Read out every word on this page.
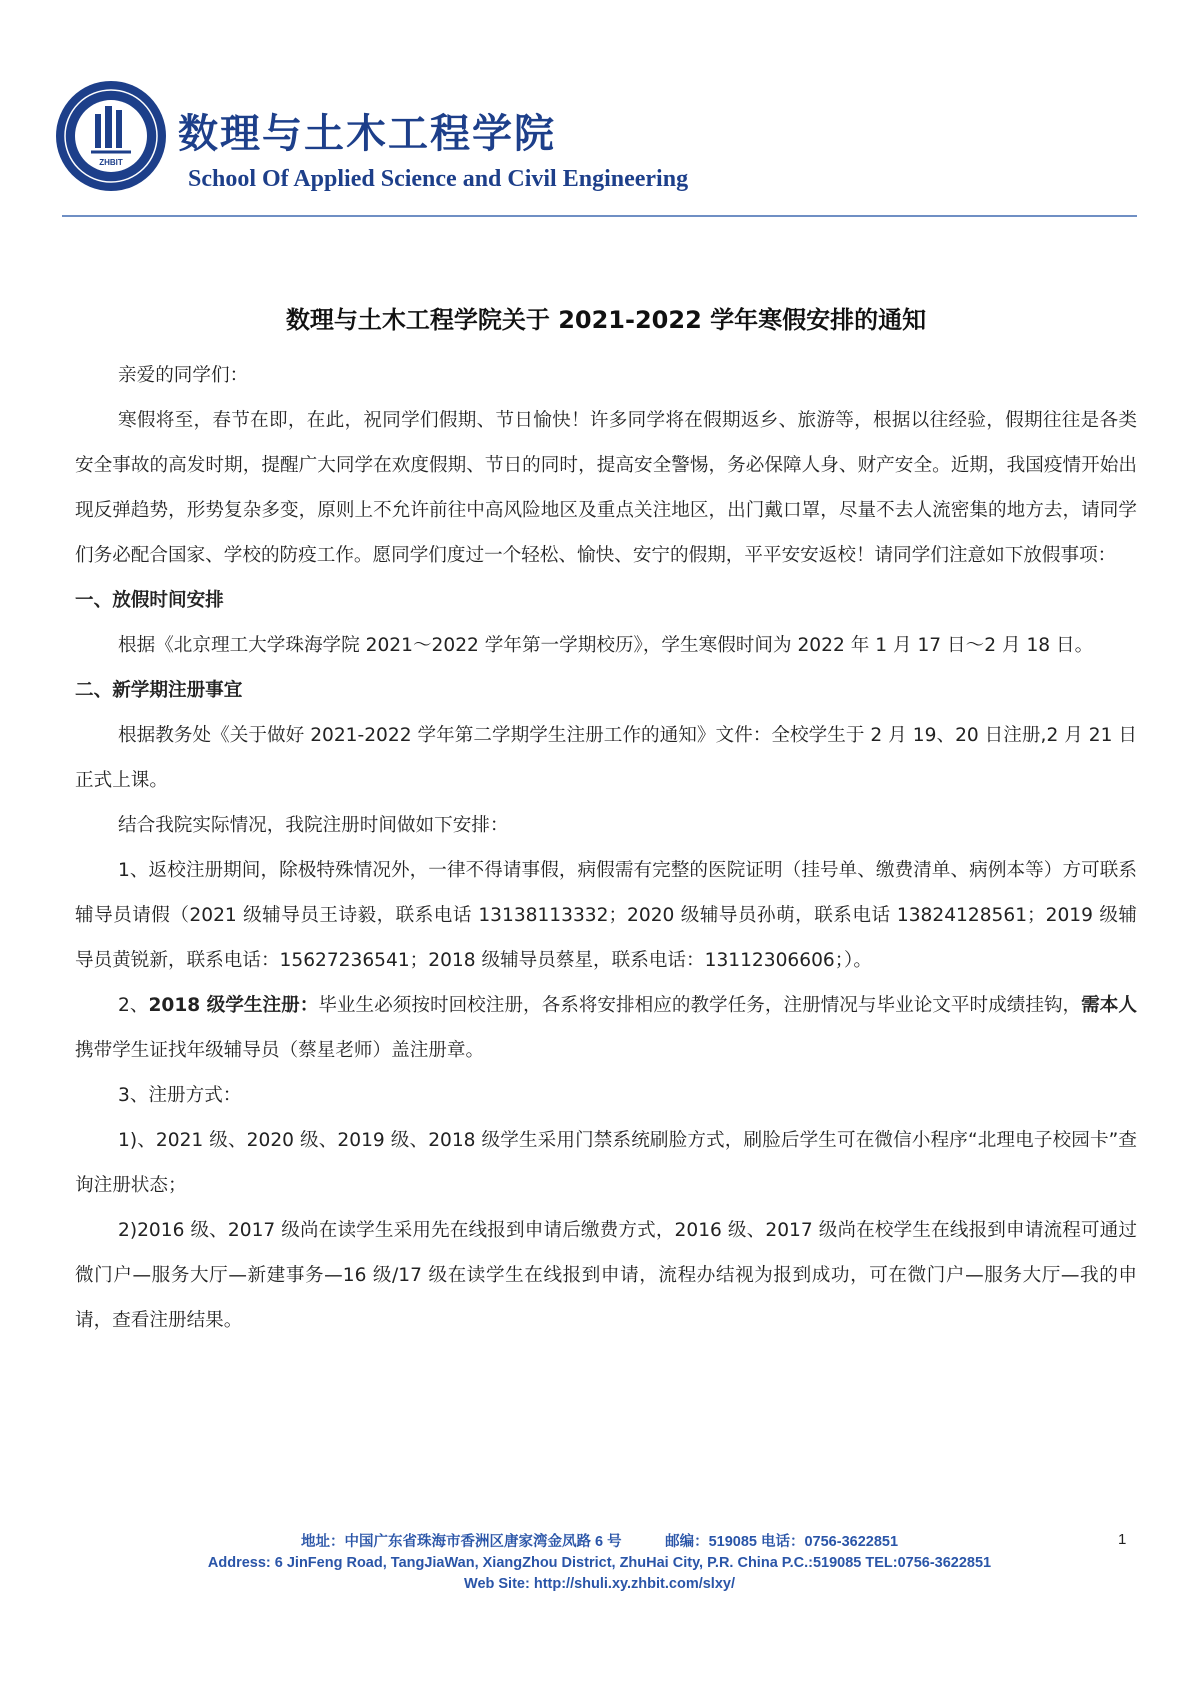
ZHBIT
数理与土木工程学院
School Of Applied Science and Civil Engineering
数理与土木工程学院关于 2021-2022 学年寒假安排的通知

亲爱的同学们：

寒假将至，春节在即，在此，祝同学们假期、节日愉快！许多同学将在假期返乡、旅游等，根据以往经验，假期往往是各类安全事故的高发时期，提醒广大同学在欢度假期、节日的同时，提高安全警惕，务必保障人身、财产安全。近期，我国疫情开始出现反弹趋势，形势复杂多变，原则上不允许前往中高风险地区及重点关注地区，出门戴口罩，尽量不去人流密集的地方去，请同学们务必配合国家、学校的防疫工作。愿同学们度过一个轻松、愉快、安宁的假期，平平安安返校！请同学们注意如下放假事项：

一、放假时间安排

根据《北京理工大学珠海学院 2021～2022 学年第一学期校历》，学生寒假时间为 2022 年 1 月 17 日～2 月 18 日。

二、新学期注册事宜

根据教务处《关于做好 2021-2022 学年第二学期学生注册工作的通知》文件：全校学生于 2 月 19、20 日注册,2 月 21 日正式上课。

结合我院实际情况，我院注册时间做如下安排：

1、返校注册期间，除极特殊情况外，一律不得请事假，病假需有完整的医院证明（挂号单、缴费清单、病例本等）方可联系辅导员请假（2021 级辅导员王诗毅，联系电话 13138113332；2020 级辅导员孙萌，联系电话 13824128561；2019 级辅导员黄锐新，联系电话：15627236541；2018 级辅导员蔡星，联系电话：13112306606；）。

2、2018 级学生注册：毕业生必须按时回校注册，各系将安排相应的教学任务，注册情况与毕业论文平时成绩挂钩，需本人携带学生证找年级辅导员（蔡星老师）盖注册章。

3、注册方式：

1)、2021 级、2020 级、2019 级、2018 级学生采用门禁系统刷脸方式，刷脸后学生可在微信小程序“北理电子校园卡”查询注册状态；

2)2016 级、2017 级尚在读学生采用先在线报到申请后缴费方式，2016 级、2017 级尚在校学生在线报到申请流程可通过微门户—服务大厅—新建事务—16 级/17 级在读学生在线报到申请，流程办结视为报到成功，可在微门户—服务大厅—我的申请，查看注册结果。

地址：中国广东省珠海市香洲区唐家湾金凤路 6 号　　　邮编：519085 电话：0756-3622851
Address: 6 JinFeng Road, TangJiaWan, XiangZhou District, ZhuHai City, P.R. China P.C.:519085 TEL:0756-3622851
Web Site: http://shuli.xy.zhbit.com/slxy/
1
